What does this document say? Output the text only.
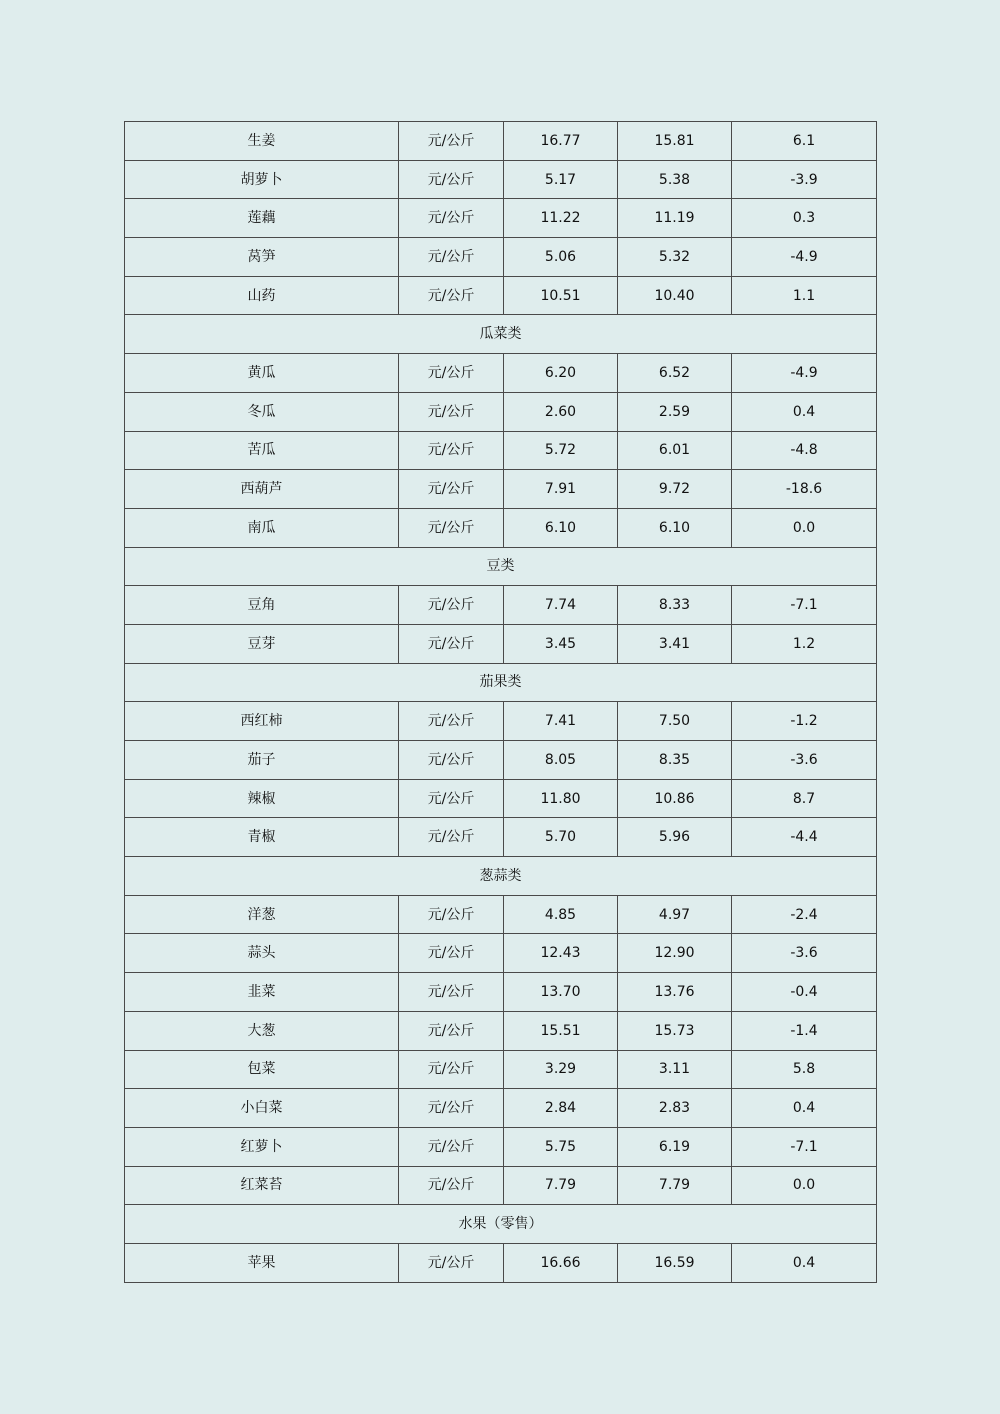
生姜	元/公斤	16.77	15.81	6.1
胡萝卜	元/公斤	5.17	5.38	-3.9
莲藕	元/公斤	11.22	11.19	0.3
莴笋	元/公斤	5.06	5.32	-4.9
山药	元/公斤	10.51	10.40	1.1
瓜菜类				
黄瓜	元/公斤	6.20	6.52	-4.9
冬瓜	元/公斤	2.60	2.59	0.4
苦瓜	元/公斤	5.72	6.01	-4.8
西葫芦	元/公斤	7.91	9.72	-18.6
南瓜	元/公斤	6.10	6.10	0.0
豆类				
豆角	元/公斤	7.74	8.33	-7.1
豆芽	元/公斤	3.45	3.41	1.2
茄果类				
西红柿	元/公斤	7.41	7.50	-1.2
茄子	元/公斤	8.05	8.35	-3.6
辣椒	元/公斤	11.80	10.86	8.7
青椒	元/公斤	5.70	5.96	-4.4
葱蒜类				
洋葱	元/公斤	4.85	4.97	-2.4
蒜头	元/公斤	12.43	12.90	-3.6
韭菜	元/公斤	13.70	13.76	-0.4
大葱	元/公斤	15.51	15.73	-1.4
包菜	元/公斤	3.29	3.11	5.8
小白菜	元/公斤	2.84	2.83	0.4
红萝卜	元/公斤	5.75	6.19	-7.1
红菜苔	元/公斤	7.79	7.79	0.0
水果（零售）				
苹果	元/公斤	16.66	16.59	0.4
